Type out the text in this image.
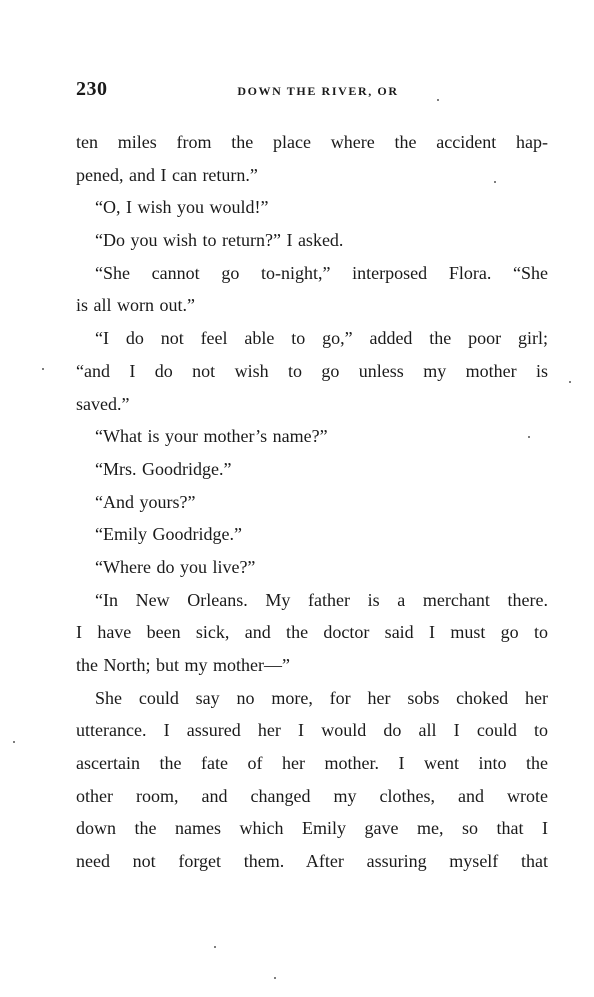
230	DOWN THE RIVER, OR
ten miles from the place where the accident hap-
pened, and I can return.”
“O, I wish you would!”
“Do you wish to return?” I asked.
“She cannot go to-night,” interposed Flora. “She
is all worn out.”
“I do not feel able to go,” added the poor girl;
“and I do not wish to go unless my mother is
saved.”
“What is your mother’s name?”
“Mrs. Goodridge.”
“And yours?”
“Emily Goodridge.”
“Where do you live?”
“In New Orleans. My father is a merchant there.
I have been sick, and the doctor said I must go to
the North; but my mother—”
She could say no more, for her sobs choked her
utterance. I assured her I would do all I could to
ascertain the fate of her mother. I went into the
other room, and changed my clothes, and wrote
down the names which Emily gave me, so that I
need not forget them. After assuring myself that
